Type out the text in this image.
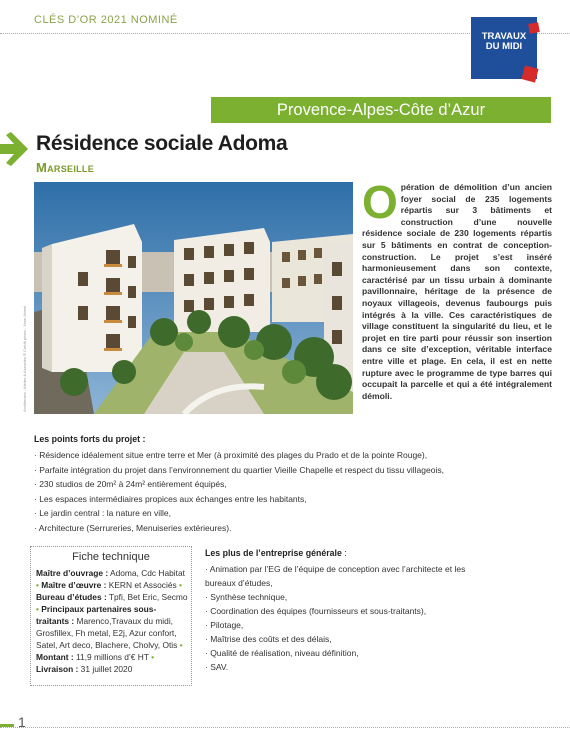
CLÉS D’OR 2021 NOMINÉ
TRAVAUX
DU MIDI
Provence-Alpes-Côte d’Azur
Résidence sociale Adoma
Marseille
Architectes : Atelier & Associés ® Crédit photo : Yann Monel
Opération de démolition d’un ancien foyer social de 235 logements répartis sur 3 bâtiments et construction d’une nouvelle résidence sociale de 230 logements répartis sur 5 bâtiments en contrat de conception-construction. Le projet s’est inséré harmonieusement dans son contexte, caractérisé par un tissu urbain à dominante pavillonnaire, héritage de la présence de noyaux villageois, devenus faubourgs puis intégrés à la ville. Ces caractéristiques de village constituent la singularité du lieu, et le projet en tire parti pour réussir son insertion dans ce site d’exception, véritable interface entre ville et plage. En cela, il est en nette rupture avec le programme de type barres qui occupait la parcelle et qui a été intégralement démoli.
Les points forts du projet :
· Résidence idéalement situe entre terre et Mer (à proximité des plages du Prado et de la pointe Rouge),
· Parfaite intégration du projet dans l’environnement du quartier Vieille Chapelle et respect du tissu villageois,
· 230 studios de 20m² à 24m² entièrement équipés,
· Les espaces intermédiaires propices aux échanges entre les habitants,
· Le jardin central : la nature en ville,
· Architecture (Serrureries, Menuiseries extérieures).
Fiche technique
Maître d’ouvrage : Adoma, Cdc Habitat • Maître d’œuvre : KERN et Associés • Bureau d’études : Tpfi, Bet Eric, Secmo • Principaux partenaires sous-traitants : Marenco,Travaux du midi, Grosfillex, Fh metal, E2j, Azur confort, Satel, Art deco, Blachere, Cholvy, Otis • Montant : 11,9 millions d’€ HT • Livraison : 31 juillet 2020
Les plus de l’entreprise générale :
· Animation par l’EG de l’équipe de conception avec l’architecte et les bureaux d’études,
· Synthèse technique,
· Coordination des équipes (fournisseurs et sous-traitants),
· Pilotage,
· Maîtrise des coûts et des délais,
· Qualité de réalisation, niveau définition,
· SAV.
1
